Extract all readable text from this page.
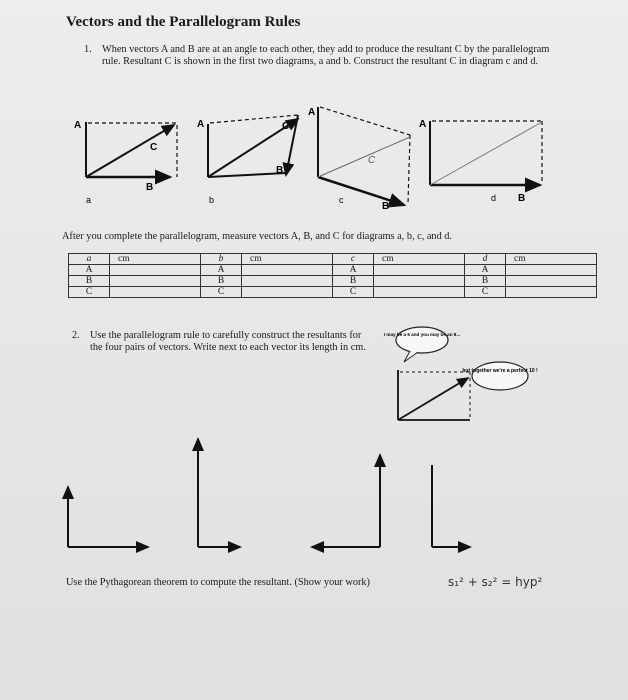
Vectors and the Parallelogram Rules
1. When vectors A and B are at an angle to each other, they add to produce the resultant C by the parallelogram rule. Resultant C is shown in the first two diagrams, a and b. Construct the resultant C in diagram c and d.
A
B
C
a
A
B
C
b
A
B
C
c
A
B
d
After you complete the parallelogram, measure vectors A, B, and C for diagrams a, b, c, and d.
a	cm	b	cm	c	cm	d	cm
A		A		A		A	
B		B		B		B	
C		C		C		C	
2. Use the parallelogram rule to carefully construct the resultants for the four pairs of vectors. Write next to each vector its length in cm.
I may be a 6 and you may be an 8...
but together we're a perfect 10 !
Use the Pythagorean theorem to compute the resultant. (Show your work)	s₁² + s₂² = hyp²
